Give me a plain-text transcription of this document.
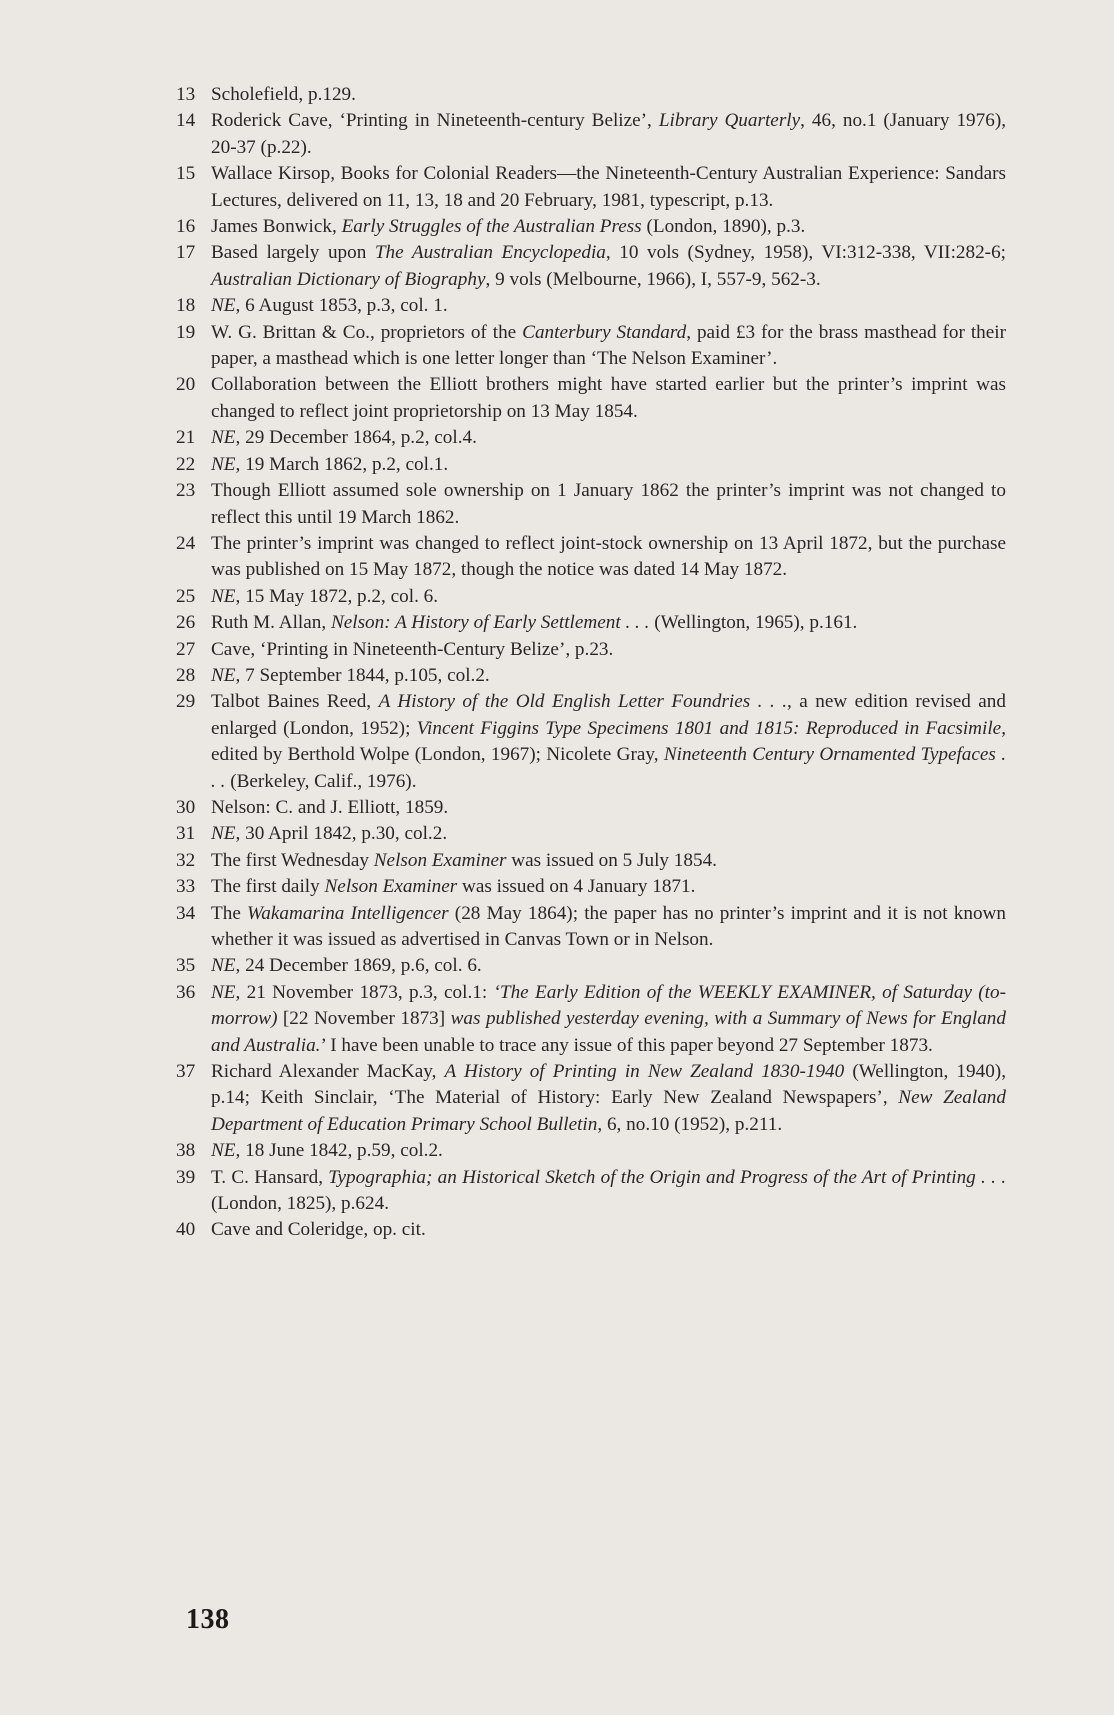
13 Scholefield, p.129.
14 Roderick Cave, ‘Printing in Nineteenth-century Belize’, Library Quarterly, 46, no.1 (January 1976), 20-37 (p.22).
15 Wallace Kirsop, Books for Colonial Readers—the Nineteenth-Century Australian Experience: Sandars Lectures, delivered on 11, 13, 18 and 20 February, 1981, typescript, p.13.
16 James Bonwick, Early Struggles of the Australian Press (London, 1890), p.3.
17 Based largely upon The Australian Encyclopedia, 10 vols (Sydney, 1958), VI:312-338, VII:282-6; Australian Dictionary of Biography, 9 vols (Melbourne, 1966), I, 557-9, 562-3.
18 NE, 6 August 1853, p.3, col. 1.
19 W. G. Brittan & Co., proprietors of the Canterbury Standard, paid £3 for the brass masthead for their paper, a masthead which is one letter longer than ‘The Nelson Examiner’.
20 Collaboration between the Elliott brothers might have started earlier but the printer’s imprint was changed to reflect joint proprietorship on 13 May 1854.
21 NE, 29 December 1864, p.2, col.4.
22 NE, 19 March 1862, p.2, col.1.
23 Though Elliott assumed sole ownership on 1 January 1862 the printer’s imprint was not changed to reflect this until 19 March 1862.
24 The printer’s imprint was changed to reflect joint-stock ownership on 13 April 1872, but the purchase was published on 15 May 1872, though the notice was dated 14 May 1872.
25 NE, 15 May 1872, p.2, col. 6.
26 Ruth M. Allan, Nelson: A History of Early Settlement . . . (Wellington, 1965), p.161.
27 Cave, ‘Printing in Nineteenth-Century Belize’, p.23.
28 NE, 7 September 1844, p.105, col.2.
29 Talbot Baines Reed, A History of the Old English Letter Foundries . . ., a new edition revised and enlarged (London, 1952); Vincent Figgins Type Specimens 1801 and 1815: Reproduced in Facsimile, edited by Berthold Wolpe (London, 1967); Nicolete Gray, Nineteenth Century Ornamented Typefaces . . . (Berkeley, Calif., 1976).
30 Nelson: C. and J. Elliott, 1859.
31 NE, 30 April 1842, p.30, col.2.
32 The first Wednesday Nelson Examiner was issued on 5 July 1854.
33 The first daily Nelson Examiner was issued on 4 January 1871.
34 The Wakamarina Intelligencer (28 May 1864); the paper has no printer’s imprint and it is not known whether it was issued as advertised in Canvas Town or in Nelson.
35 NE, 24 December 1869, p.6, col. 6.
36 NE, 21 November 1873, p.3, col.1: ‘The Early Edition of the WEEKLY EXAMINER, of Saturday (to-morrow) [22 November 1873] was published yesterday evening, with a Summary of News for England and Australia.’ I have been unable to trace any issue of this paper beyond 27 September 1873.
37 Richard Alexander MacKay, A History of Printing in New Zealand 1830-1940 (Wellington, 1940), p.14; Keith Sinclair, ‘The Material of History: Early New Zealand Newspapers’, New Zealand Department of Education Primary School Bulletin, 6, no.10 (1952), p.211.
38 NE, 18 June 1842, p.59, col.2.
39 T. C. Hansard, Typographia; an Historical Sketch of the Origin and Progress of the Art of Printing . . . (London, 1825), p.624.
40 Cave and Coleridge, op. cit.
138
